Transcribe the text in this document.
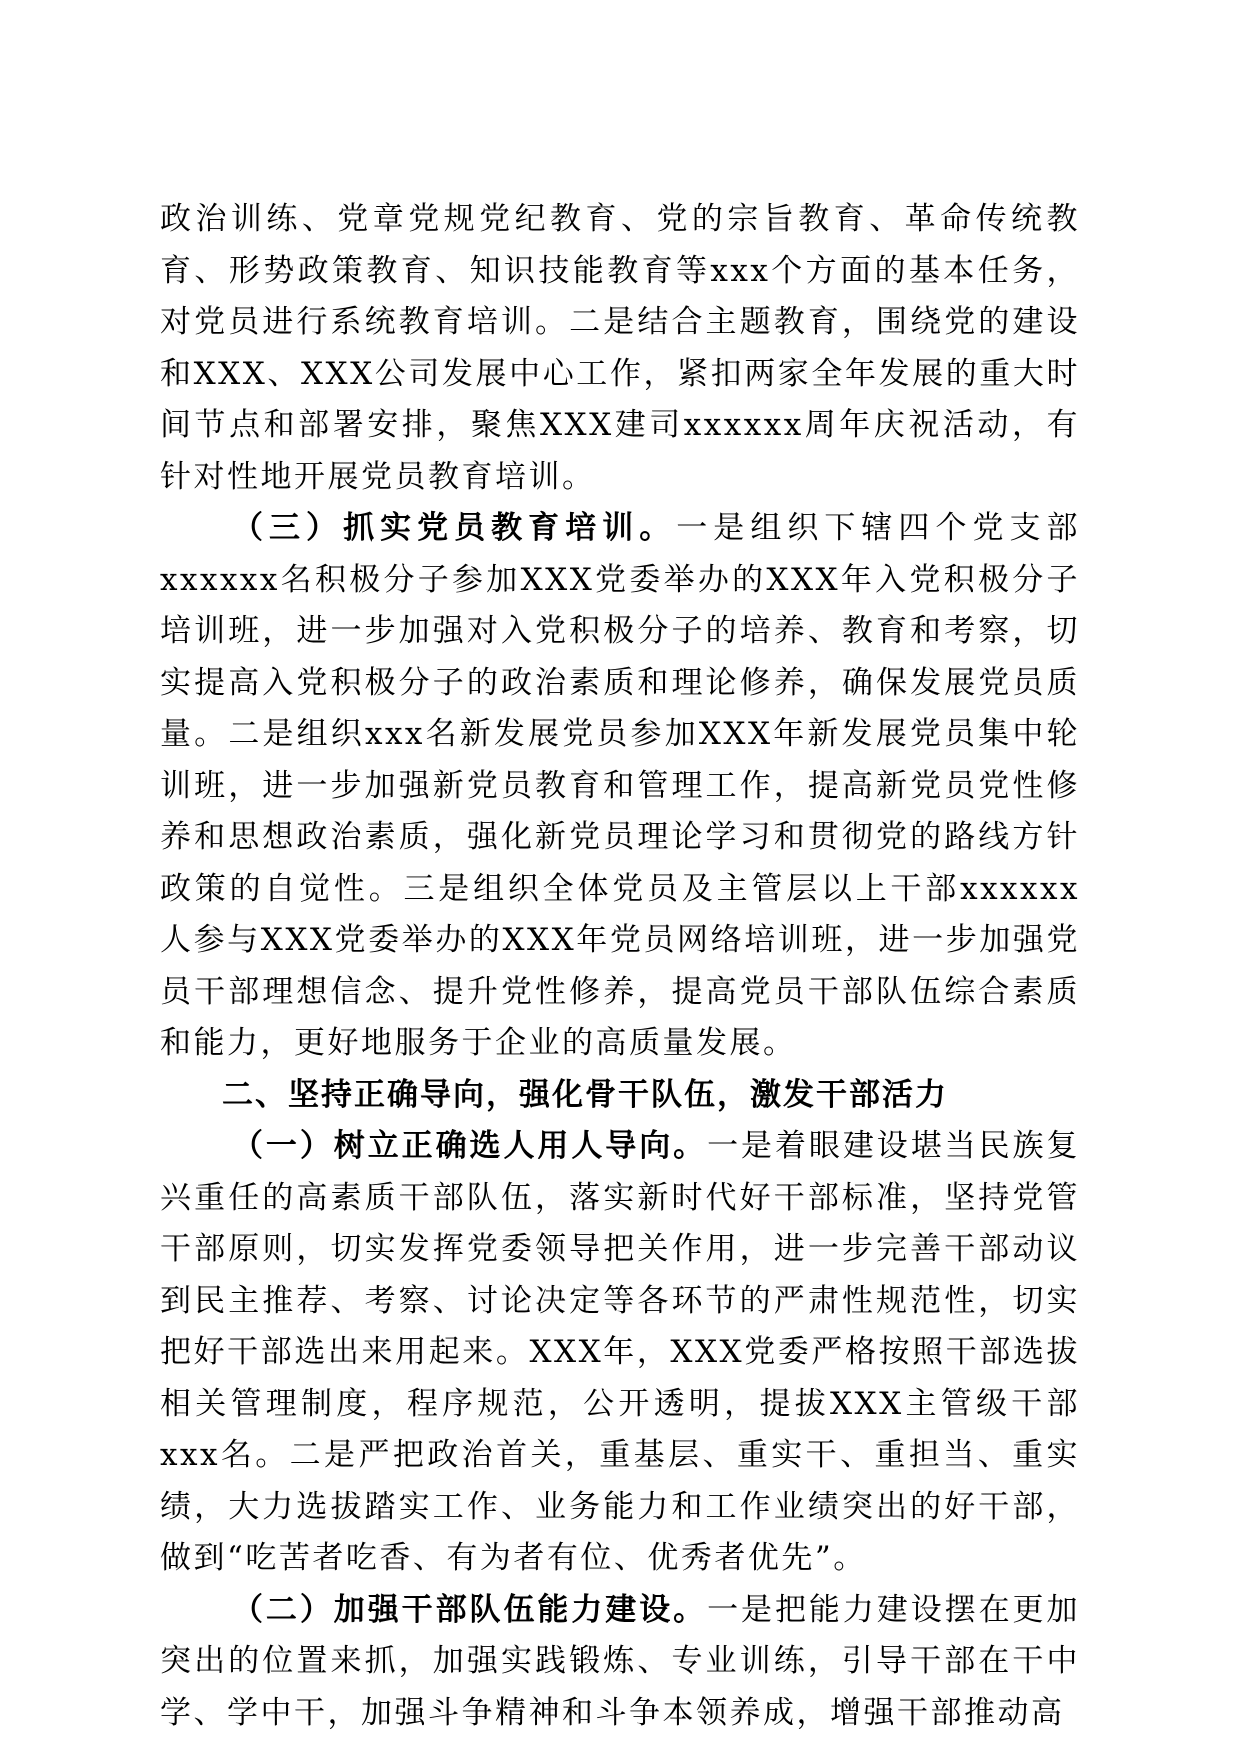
政治训练、党章党规党纪教育、党的宗旨教育、革命传统教育、形势政策教育、知识技能教育等xxx个方面的基本任务，对党员进行系统教育培训。二是结合主题教育，围绕党的建设和XXX、XXX公司发展中心工作，紧扣两家全年发展的重大时间节点和部署安排，聚焦XXX建司xxxxxx周年庆祝活动，有针对性地开展党员教育培训。

（三）抓实党员教育培训。一是组织下辖四个党支部xxxxxx名积极分子参加XXX党委举办的XXX年入党积极分子培训班，进一步加强对入党积极分子的培养、教育和考察，切实提高入党积极分子的政治素质和理论修养，确保发展党员质量。二是组织xxx名新发展党员参加XXX年新发展党员集中轮训班，进一步加强新党员教育和管理工作，提高新党员党性修养和思想政治素质，强化新党员理论学习和贯彻党的路线方针政策的自觉性。三是组织全体党员及主管层以上干部xxxxxx人参与XXX党委举办的XXX年党员网络培训班，进一步加强党员干部理想信念、提升党性修养，提高党员干部队伍综合素质和能力，更好地服务于企业的高质量发展。

二、坚持正确导向，强化骨干队伍，激发干部活力

（一）树立正确选人用人导向。一是着眼建设堪当民族复兴重任的高素质干部队伍，落实新时代好干部标准，坚持党管干部原则，切实发挥党委领导把关作用，进一步完善干部动议到民主推荐、考察、讨论决定等各环节的严肃性规范性，切实把好干部选出来用起来。XXX年，XXX党委严格按照干部选拔相关管理制度，程序规范，公开透明，提拔XXX主管级干部xxx名。二是严把政治首关，重基层、重实干、重担当、重实绩，大力选拔踏实工作、业务能力和工作业绩突出的好干部，做到“吃苦者吃香、有为者有位、优秀者优先”。

（二）加强干部队伍能力建设。一是把能力建设摆在更加突出的位置来抓，加强实践锻炼、专业训练，引导干部在干中学、学中干，加强斗争精神和斗争本领养成，增强干部推动高
